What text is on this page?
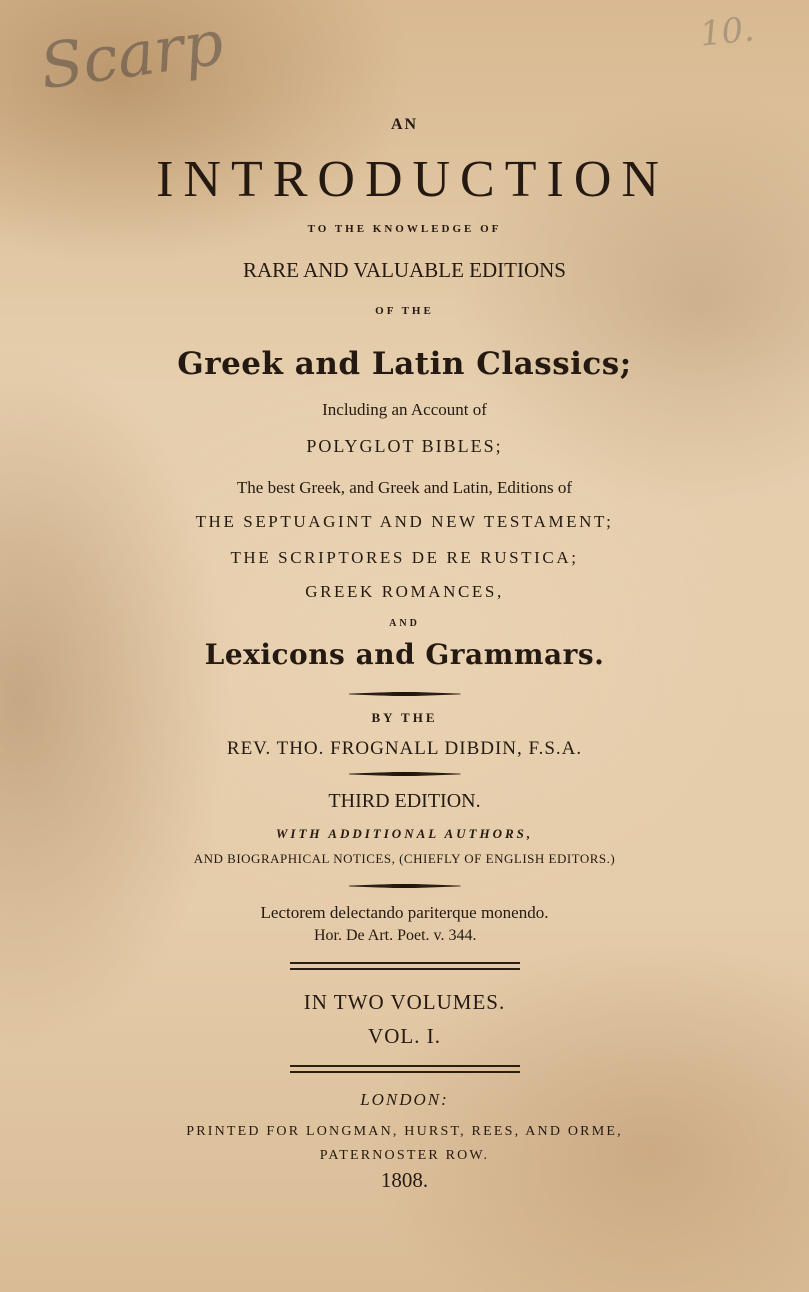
Scarp	10.
AN
INTRODUCTION
TO THE KNOWLEDGE OF
RARE AND VALUABLE EDITIONS
OF THE
Greek and Latin Classics;
Including an Account of
POLYGLOT BIBLES;
The best Greek, and Greek and Latin, Editions of
THE SEPTUAGINT AND NEW TESTAMENT;
THE SCRIPTORES DE RE RUSTICA;
GREEK ROMANCES,
AND
Lexicons and Grammars.
BY THE
REV. THO. FROGNALL DIBDIN, F.S.A.
THIRD EDITION.
WITH ADDITIONAL AUTHORS,
AND BIOGRAPHICAL NOTICES, (CHIEFLY OF ENGLISH EDITORS.)
Lectorem delectando pariterque monendo.
Hor. De Art. Poet. v. 344.
IN TWO VOLUMES.
VOL. I.
LONDON:
PRINTED FOR LONGMAN, HURST, REES, AND ORME,
PATERNOSTER ROW.
1808.
